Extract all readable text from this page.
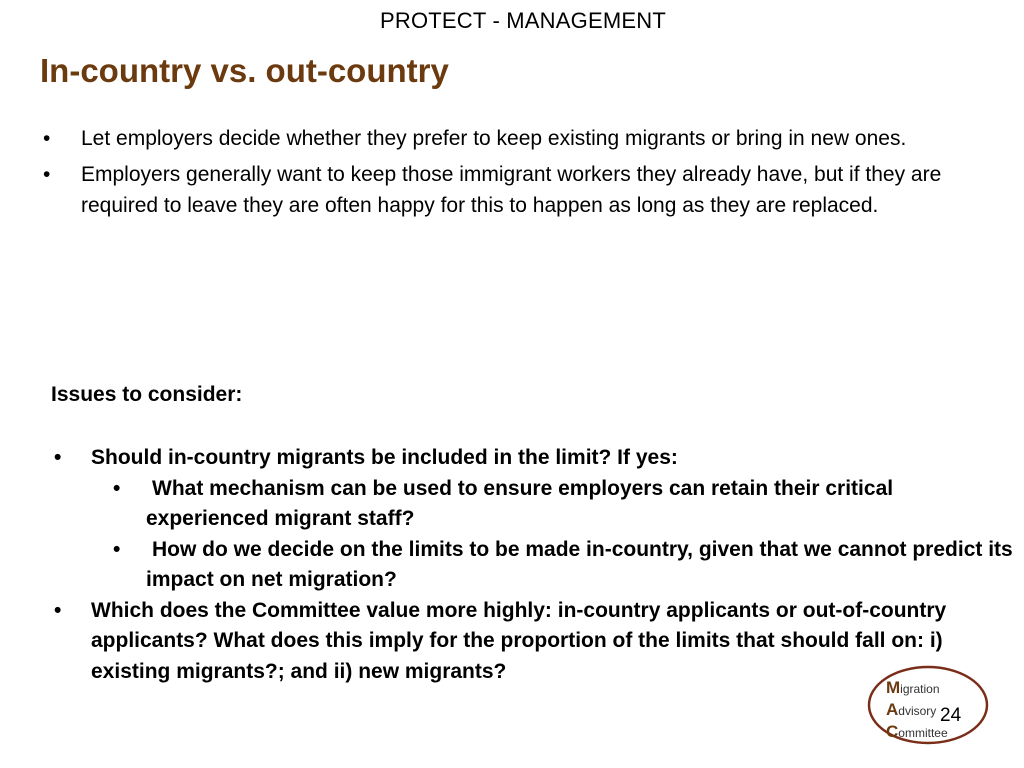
PROTECT - MANAGEMENT
In-country vs. out-country
• Let employers decide whether they prefer to keep existing migrants or bring in new ones.
• Employers generally want to keep those immigrant workers they already have, but if they are required to leave they are often happy for this to happen as long as they are replaced.
Issues to consider:
• Should in-country migrants be included in the limit? If yes:
• What mechanism can be used to ensure employers can retain their critical experienced migrant staff?
• How do we decide on the limits to be made in-country, given that we cannot predict its impact on net migration?
• Which does the Committee value more highly: in-country applicants or out-of-country applicants? What does this imply for the proportion of the limits that should fall on: i) existing migrants?; and ii) new migrants?
Migration
Advisory
Committee
24
